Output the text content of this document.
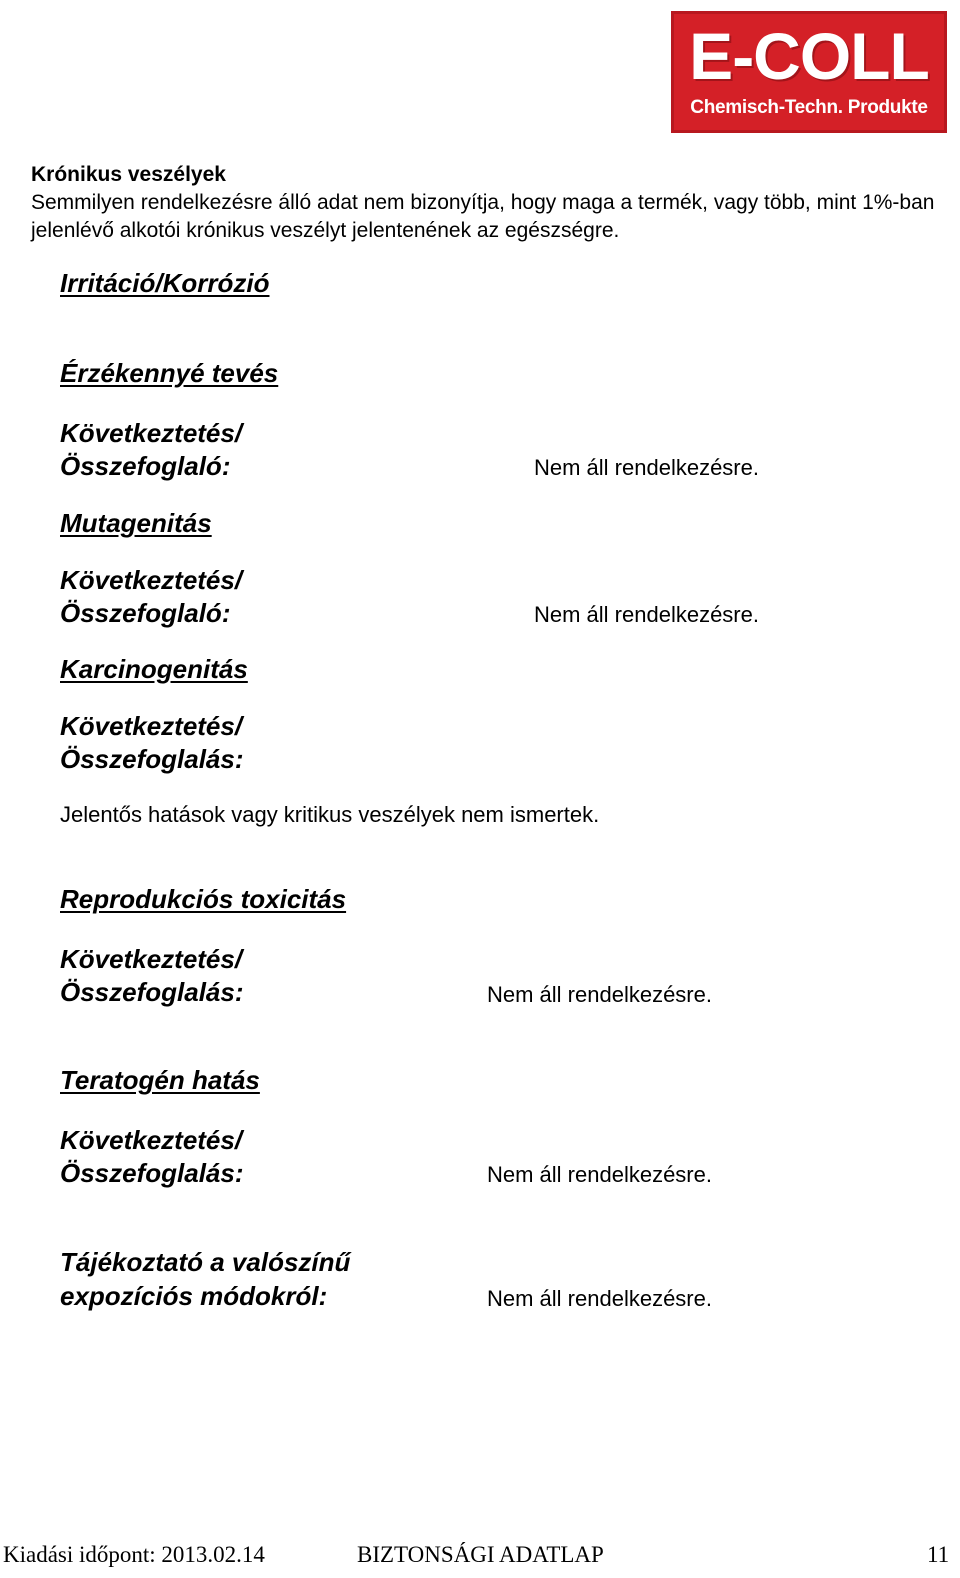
E-COLL
Chemisch-Techn. Produkte
Krónikus veszélyek
Semmilyen rendelkezésre álló adat nem bizonyítja, hogy maga a termék, vagy több, mint 1%-ban jelenlévő alkotói krónikus veszélyt jelentenének az egészségre.
Irritáció/Korrózió
Érzékennyé tevés
Következtetés/
Összefoglaló:	Nem áll rendelkezésre.
Mutagenitás
Következtetés/
Összefoglaló:	Nem áll rendelkezésre.
Karcinogenitás
Következtetés/
Összefoglalás:
Jelentős hatások vagy kritikus veszélyek nem ismertek.
Reprodukciós toxicitás
Következtetés/
Összefoglalás:	Nem áll rendelkezésre.
Teratogén hatás
Következtetés/
Összefoglalás:	Nem áll rendelkezésre.
Tájékoztató a valószínű
expozíciós módokról:	Nem áll rendelkezésre.
Kiadási időpont: 2013.02.14	BIZTONSÁGI ADATLAP	11
